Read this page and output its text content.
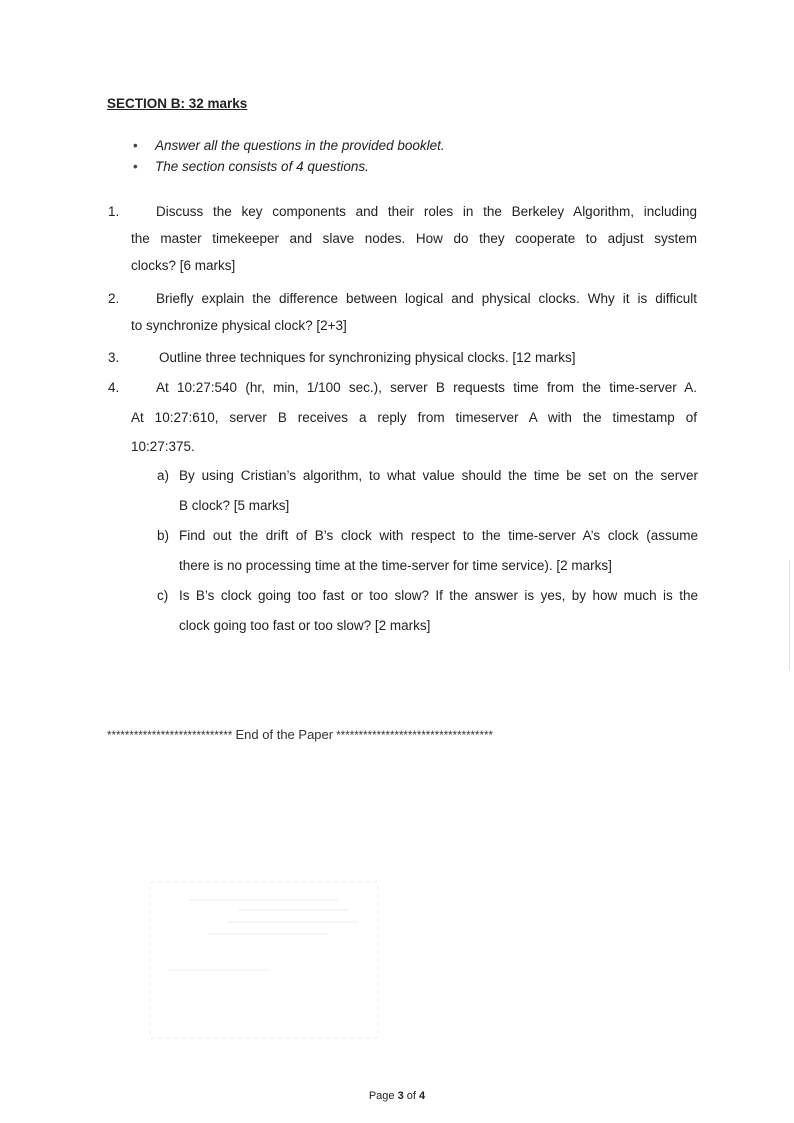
SECTION B: 32 marks
• Answer all the questions in the provided booklet.
• The section consists of 4 questions.
1.	Discuss the key components and their roles in the Berkeley Algorithm, including
the master timekeeper and slave nodes. How do they cooperate to adjust system
clocks? [6 marks]
2.	Briefly explain the difference between logical and physical clocks. Why it is difficult
to synchronize physical clock? [2+3]
3.	Outline three techniques for synchronizing physical clocks. [12 marks]
4.	At 10:27:540 (hr, min, 1/100 sec.), server B requests time from the time-server A.
At 10:27:610, server B receives a reply from timeserver A with the timestamp of
10:27:375.
a) By using Cristian’s algorithm, to what value should the time be set on the server
B clock? [5 marks]
b) Find out the drift of B’s clock with respect to the time-server A’s clock (assume
there is no processing time at the time-server for time service). [2 marks]
c) Is B’s clock going too fast or too slow? If the answer is yes, by how much is the
clock going too fast or too slow? [2 marks]
**************************** End of the Paper ***********************************
Page 3 of 4
